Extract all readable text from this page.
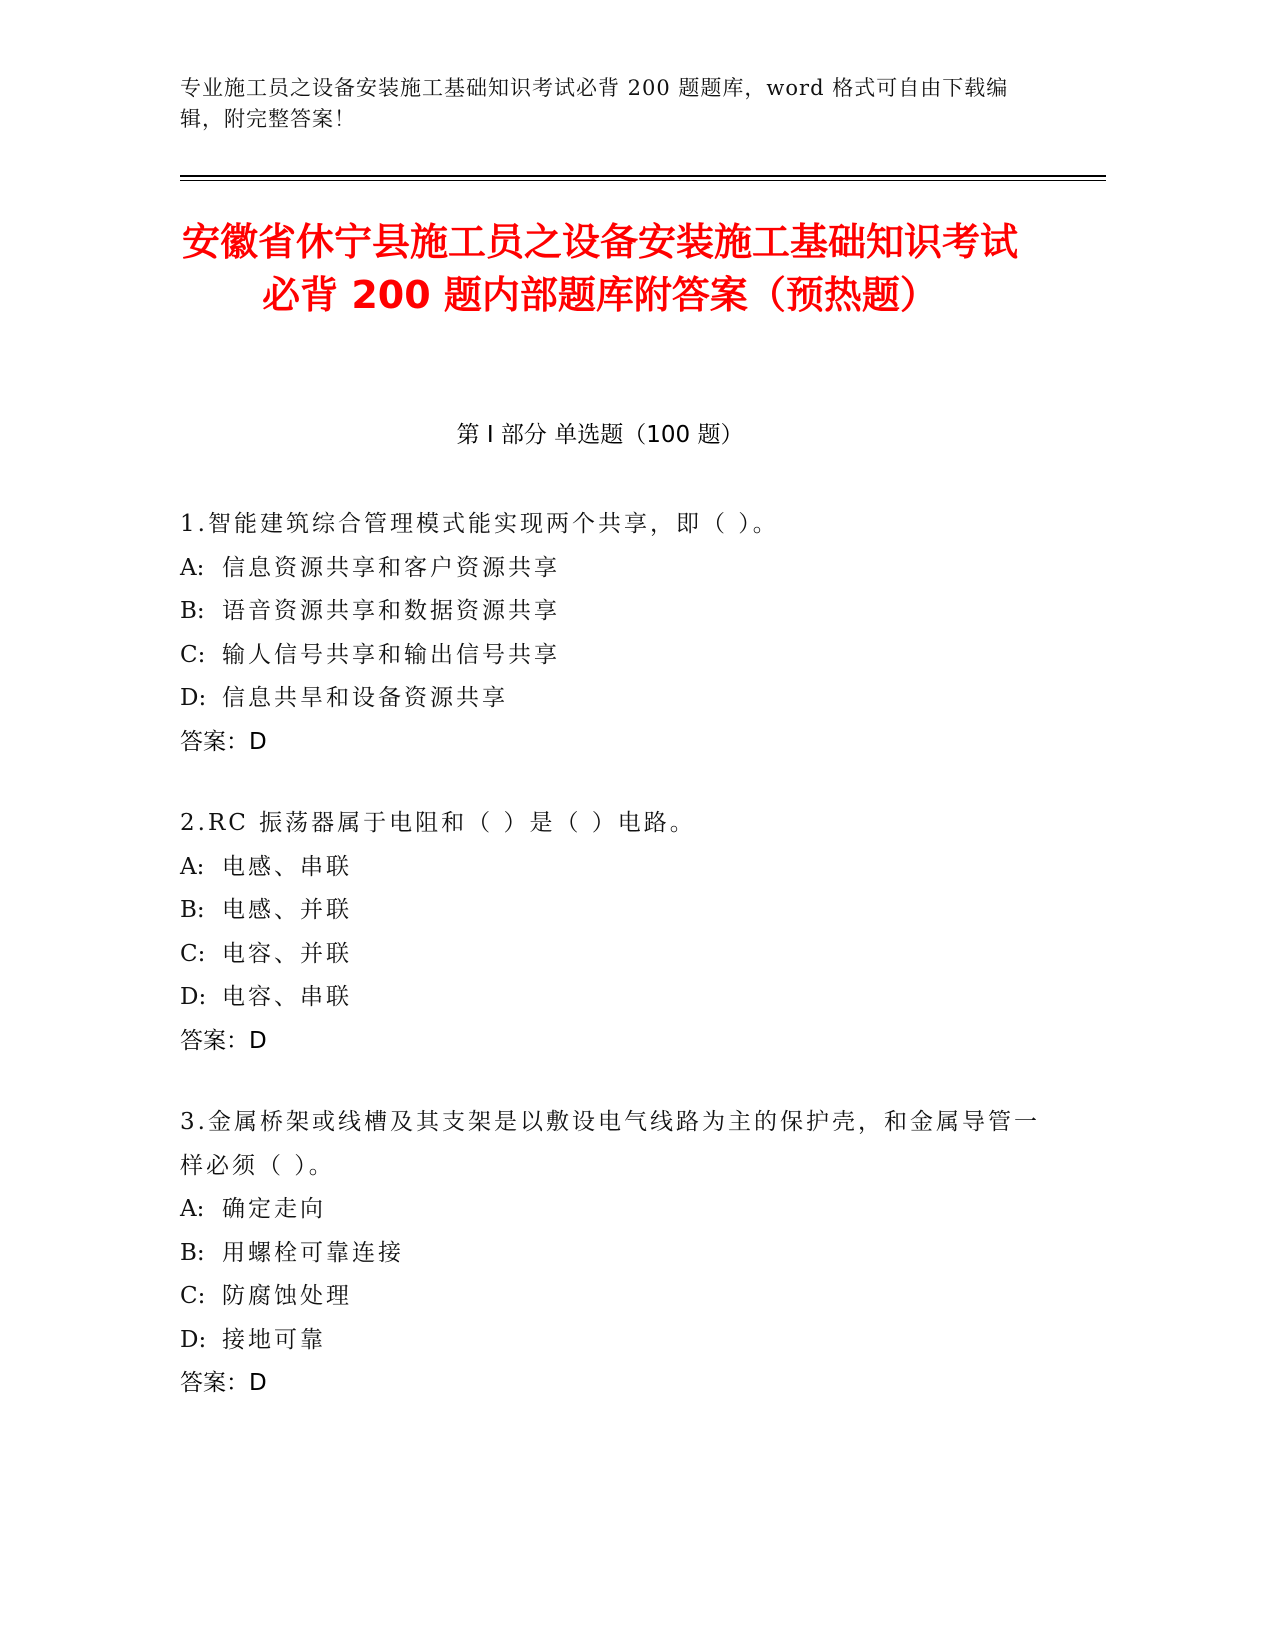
专业施工员之设备安装施工基础知识考试必背 200 题题库，word 格式可自由下载编辑，附完整答案！
安徽省休宁县施工员之设备安装施工基础知识考试必背 200 题内部题库附答案（预热题）
第 I 部分 单选题（100 题）

1.智能建筑综合管理模式能实现两个共享，即（ ）。

A: 信息资源共享和客户资源共享

B: 语音资源共享和数据资源共享

C: 输人信号共享和输出信号共享

D: 信息共旱和设备资源共享

答案：D

2.RC 振荡器属于电阻和（ ）是（ ）电路。

A: 电感、串联

B: 电感、并联

C: 电容、并联

D: 电容、串联

答案：D

3.金属桥架或线槽及其支架是以敷设电气线路为主的保护壳，和金属导管一样必须（ ）。

A: 确定走向

B: 用螺栓可靠连接

C: 防腐蚀处理

D: 接地可靠

答案：D
